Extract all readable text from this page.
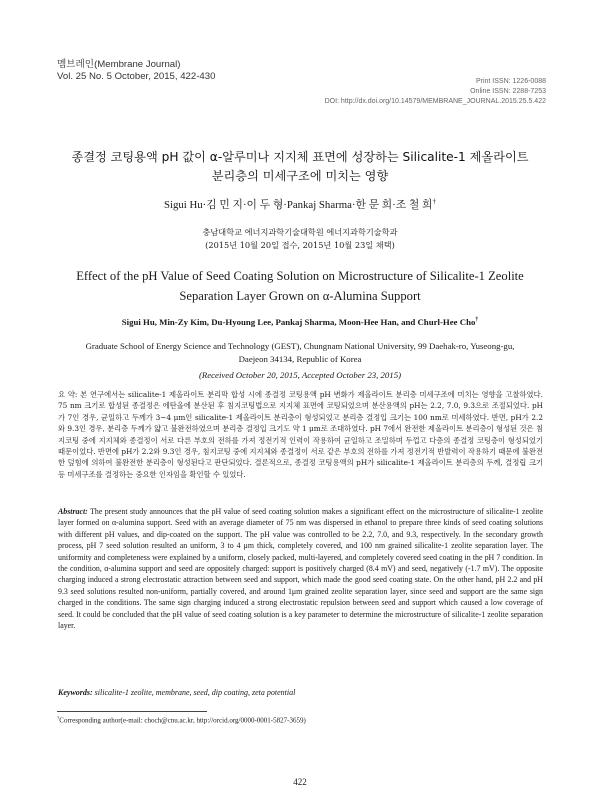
멤브레인(Membrane Journal)
Vol. 25 No. 5 October, 2015, 422-430	Print ISSN: 1226-0088
Online ISSN: 2288-7253
DOI: http://dx.doi.org/10.14579/MEMBRANE_JOURNAL.2015.25.5.422
종결정 코팅용액 pH 값이 α-알루미나 지지체 표면에 성장하는 Silicalite-1 제올라이트
분리층의 미세구조에 미치는 영향
Sigui Hu·김 민 지·이 두 형·Pankaj Sharma·한 문 희·조 철 희†
충남대학교 에너지과학기술대학원 에너지과학기술학과
(2015년 10월 20일 접수, 2015년 10월 23일 채택)
Effect of the pH Value of Seed Coating Solution on Microstructure of Silicalite-1 Zeolite
Separation Layer Grown on α-Alumina Support
Sigui Hu, Min-Zy Kim, Du-Hyoung Lee, Pankaj Sharma, Moon-Hee Han, and Churl-Hee Cho†
Graduate School of Energy Science and Technology (GEST), Chungnam National University, 99 Daehak-ro, Yuseong-gu,
Daejeon 34134, Republic of Korea
(Received October 20, 2015, Accepted October 23, 2015)
요 약: 본 연구에서는 silicalite-1 제올라이트 분리막 합성 시에 종결정 코팅용액 pH 변화가 제올라이트 분리층 미세구조에 미치는 영향을 고찰하였다. 75 nm 크기로 합성된 종결정은 에탄올에 분산된 후 침지코팅법으로 지지체 표면에 코팅되었으며 분산용액의 pH는 2.2, 7.0, 9.3으로 조절되었다. pH가 7인 경우, 균일하고 두께가 3~4 μm인 silicalite-1 제올라이트 분리층이 형성되었고 분리층 결정입 크기는 100 nm로 미세하였다. 반면, pH가 2.2와 9.3인 경우, 분리층 두께가 얇고 불완전하였으며 분리층 결정입 크기도 약 1 μm로 조대하였다. pH 7에서 완전한 제올라이트 분리층이 형성된 것은 침지코팅 중에 지지체와 종결정이 서로 다른 부호의 전하를 가져 정전기적 인력이 작용하여 균일하고 조밀하며 두껍고 다층의 종결정 코팅층이 형성되었기 때문이었다. 반면에 pH가 2.2와 9.3인 경우, 침지코팅 중에 지지체와 종결정이 서로 같은 부호의 전하를 가져 정전기적 반발력이 작용하기 때문에 불완전한 덮힘에 의하여 불완전한 분리층이 형성된다고 판단되었다. 결론적으로, 종결정 코팅용액의 pH가 silicalite-1 제올라이트 분리층의 두께, 결정립 크기 등 미세구조를 결정하는 중요한 인자임을 확인할 수 있었다.
Abstract: The present study announces that the pH value of seed coating solution makes a significant effect on the microstructure of silicalite-1 zeolite layer formed on α-alumina support. Seed with an average diameter of 75 nm was dispersed in ethanol to prepare three kinds of seed coating solutions with different pH values, and dip-coated on the support. The pH value was controlled to be 2.2, 7.0, and 9.3, respectively. In the secondary growth process, pH 7 seed solution resulted an uniform, 3 to 4 μm thick, completely covered, and 100 nm grained silicalite-1 zeolite separation layer. The uniformity and completeness were explained by a uniform, closely packed, multi-layered, and completely covered seed coating in the pH 7 condition. In the condition, α-alumina support and seed are oppositely charged: support is positively charged (8.4 mV) and seed, negatively (-1.7 mV). The opposite charging induced a strong electrostatic attraction between seed and support, which made the good seed coating state. On the other hand, pH 2.2 and pH 9.3 seed solutions resulted non-uniform, partially covered, and around 1μm grained zeolite separation layer, since seed and support are the same sign charged in the conditions. The same sign charging induced a strong electrostatic repulsion between seed and support which caused a low coverage of seed. It could be concluded that the pH value of seed coating solution is a key parameter to determine the microstructure of silicalite-1 zeolite separation layer.
Keywords: silicalite-1 zeolite, membrane, seed, dip coating, zeta potential
†Corresponding author(e-mail: choch@cnu.ac.kr, http://orcid.org/0000-0001-5827-3659)
422
